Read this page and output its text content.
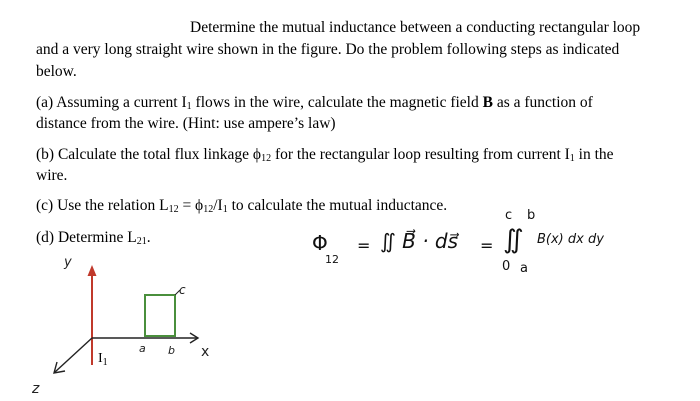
Determine the mutual inductance between a conducting rectangular loop
and a very long straight wire shown in the figure. Do the problem following steps as indicated
below.
(a) Assuming a current $I_1$ flows in the wire, calculate the magnetic field B as a function of
distance from the wire. (Hint: use ampere’s law)
(b) Calculate the total flux linkage $\phi_{12}$ for the rectangular loop resulting from current $I_1$ in the
wire.
(c) Use the relation $L_{12} = \phi_{12}/I_1$ to calculate the mutual inductance.
(d) Determine $L_{21}$.	Φ
12
= ∬ B⃗ · ds⃗ =
c b
∬ B(x) dx dy
0 a
y
x
z
a b
c
$I_1$
